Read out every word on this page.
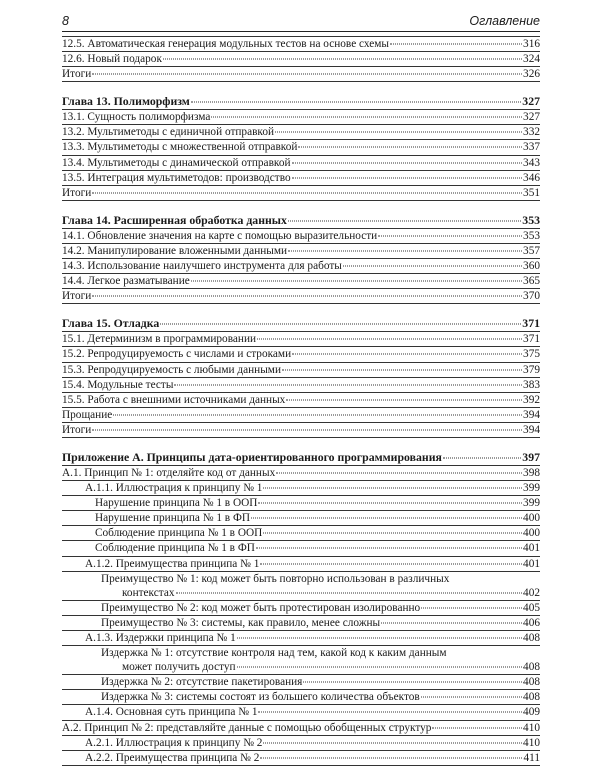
8	Оглавление
12.5. Автоматическая генерация модульных тестов на основе схемы	316
12.6. Новый подарок	324
Итоги	326
Глава 13. Полиморфизм	327
13.1. Сущность полиморфизма	327
13.2. Мультиметоды с единичной отправкой	332
13.3. Мультиметоды с множественной отправкой	337
13.4. Мультиметоды с динамической отправкой	343
13.5. Интеграция мультиметодов: производство	346
Итоги	351
Глава 14. Расширенная обработка данных	353
14.1. Обновление значения на карте с помощью выразительности	353
14.2. Манипулирование вложенными данными	357
14.3. Использование наилучшего инструмента для работы	360
14.4. Легкое разматывание	365
Итоги	370
Глава 15. Отладка	371
15.1. Детерминизм в программировании	371
15.2. Репродуцируемость с числами и строками	375
15.3. Репродуцируемость с любыми данными	379
15.4. Модульные тесты	383
15.5. Работа с внешними источниками данных	392
Прощание	394
Итоги	394
Приложение А. Принципы дата-ориентированного программирования	397
А.1. Принцип № 1: отделяйте код от данных	398
А.1.1. Иллюстрация к принципу № 1	399
Нарушение принципа № 1 в ООП	399
Нарушение принципа № 1 в ФП	400
Соблюдение принципа № 1 в ООП	400
Соблюдение принципа № 1 в ФП	401
А.1.2. Преимущества принципа № 1	401
Преимущество № 1: код может быть повторно использован в различных
контекстах	402
Преимущество № 2: код может быть протестирован изолированно	405
Преимущество № 3: системы, как правило, менее сложны	406
А.1.3. Издержки принципа № 1	408
Издержка № 1: отсутствие контроля над тем, какой код к каким данным
может получить доступ	408
Издержка № 2: отсутствие пакетирования	408
Издержка № 3: системы состоят из большего количества объектов	408
А.1.4. Основная суть принципа № 1	409
А.2. Принцип № 2: представляйте данные с помощью обобщенных структур	410
А.2.1. Иллюстрация к принципу № 2	410
А.2.2. Преимущества принципа № 2	411
